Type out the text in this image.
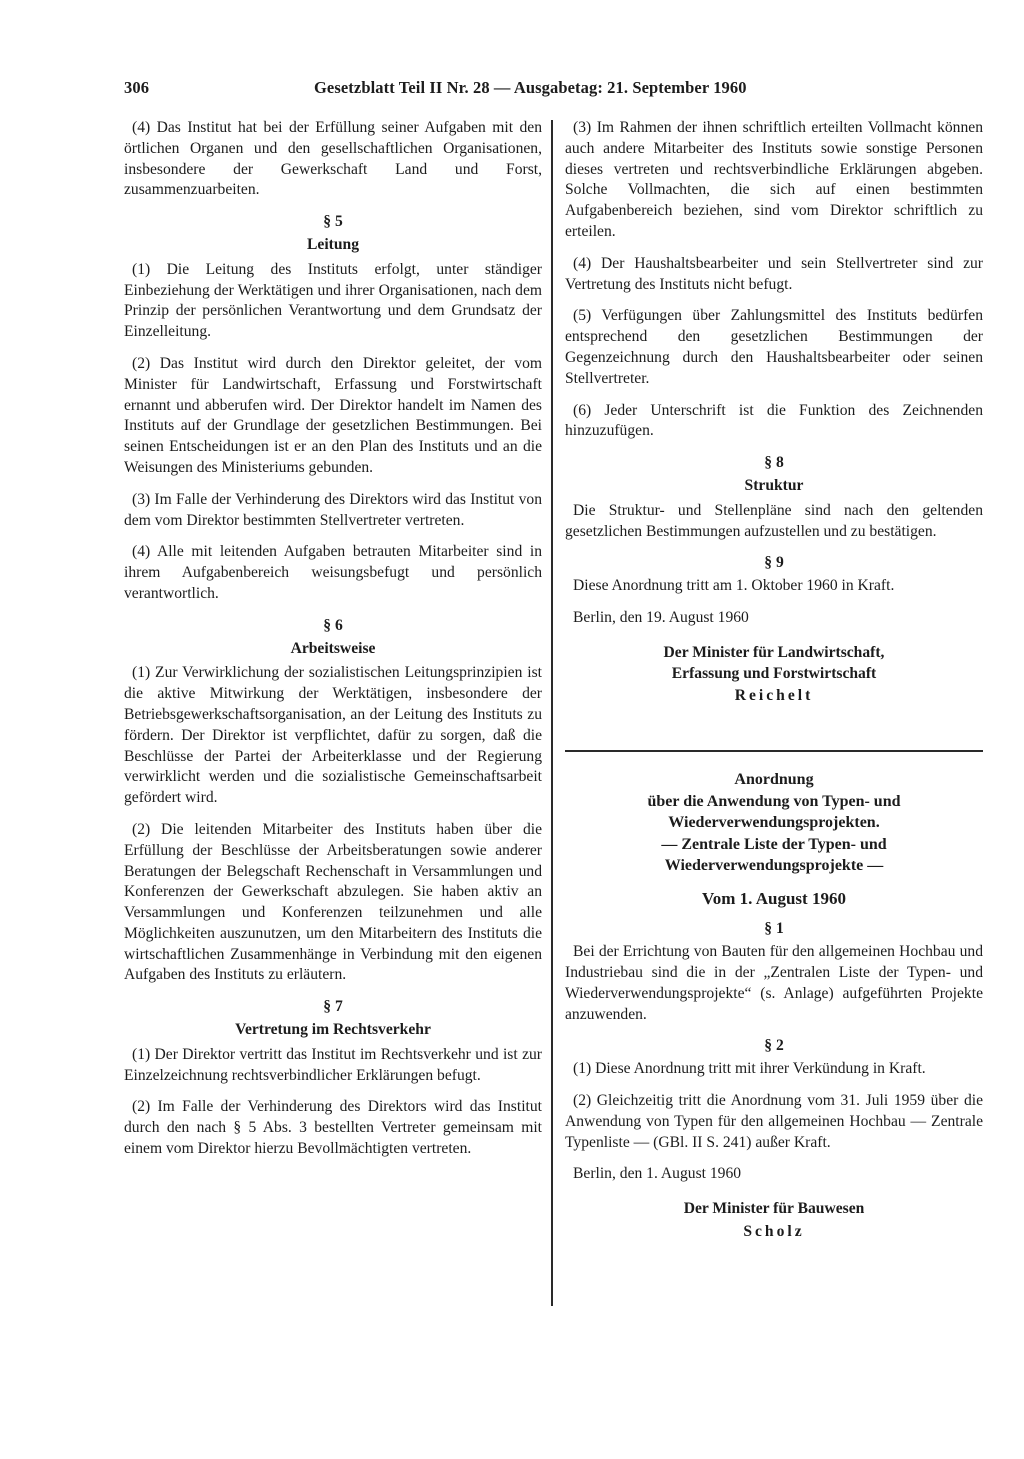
306	Gesetzblatt Teil II Nr. 28 — Ausgabetag: 21. September 1960

(4) Das Institut hat bei der Erfüllung seiner Aufgaben mit den örtlichen Organen und den gesellschaftlichen Organisationen, insbesondere der Gewerkschaft Land und Forst, zusammenzuarbeiten.

§ 5

Leitung

(1) Die Leitung des Instituts erfolgt, unter ständiger Einbeziehung der Werktätigen und ihrer Organisationen, nach dem Prinzip der persönlichen Verantwortung und dem Grundsatz der Einzelleitung.

(2) Das Institut wird durch den Direktor geleitet, der vom Minister für Landwirtschaft, Erfassung und Forstwirtschaft ernannt und abberufen wird. Der Direktor handelt im Namen des Instituts auf der Grundlage der gesetzlichen Bestimmungen. Bei seinen Entscheidungen ist er an den Plan des Instituts und an die Weisungen des Ministeriums gebunden.

(3) Im Falle der Verhinderung des Direktors wird das Institut von dem vom Direktor bestimmten Stellvertreter vertreten.

(4) Alle mit leitenden Aufgaben betrauten Mitarbeiter sind in ihrem Aufgabenbereich weisungsbefugt und persönlich verantwortlich.

§ 6

Arbeitsweise

(1) Zur Verwirklichung der sozialistischen Leitungsprinzipien ist die aktive Mitwirkung der Werktätigen, insbesondere der Betriebsgewerkschaftsorganisation, an der Leitung des Instituts zu fördern. Der Direktor ist verpflichtet, dafür zu sorgen, daß die Beschlüsse der Partei der Arbeiterklasse und der Regierung verwirklicht werden und die sozialistische Gemeinschaftsarbeit gefördert wird.

(2) Die leitenden Mitarbeiter des Instituts haben über die Erfüllung der Beschlüsse der Arbeitsberatungen sowie anderer Beratungen der Belegschaft Rechenschaft in Versammlungen und Konferenzen der Gewerkschaft abzulegen. Sie haben aktiv an Versammlungen und Konferenzen teilzunehmen und alle Möglichkeiten auszunutzen, um den Mitarbeitern des Instituts die wirtschaftlichen Zusammenhänge in Verbindung mit den eigenen Aufgaben des Instituts zu erläutern.

§ 7

Vertretung im Rechtsverkehr

(1) Der Direktor vertritt das Institut im Rechtsverkehr und ist zur Einzelzeichnung rechtsverbindlicher Erklärungen befugt.

(2) Im Falle der Verhinderung des Direktors wird das Institut durch den nach § 5 Abs. 3 bestellten Vertreter gemeinsam mit einem vom Direktor hierzu Bevollmächtigten vertreten.

(3) Im Rahmen der ihnen schriftlich erteilten Vollmacht können auch andere Mitarbeiter des Instituts sowie sonstige Personen dieses vertreten und rechtsverbindliche Erklärungen abgeben. Solche Vollmachten, die sich auf einen bestimmten Aufgabenbereich beziehen, sind vom Direktor schriftlich zu erteilen.

(4) Der Haushaltsbearbeiter und sein Stellvertreter sind zur Vertretung des Instituts nicht befugt.

(5) Verfügungen über Zahlungsmittel des Instituts bedürfen entsprechend den gesetzlichen Bestimmungen der Gegenzeichnung durch den Haushaltsbearbeiter oder seinen Stellvertreter.

(6) Jeder Unterschrift ist die Funktion des Zeichnenden hinzuzufügen.

§ 8

Struktur

Die Struktur- und Stellenpläne sind nach den geltenden gesetzlichen Bestimmungen aufzustellen und zu bestätigen.

§ 9

Diese Anordnung tritt am 1. Oktober 1960 in Kraft.

Berlin, den 19. August 1960

Der Minister für Landwirtschaft,

Erfassung und Forstwirtschaft

Reichelt

Anordnung

über die Anwendung von Typen- und Wiederverwendungsprojekten.

— Zentrale Liste der Typen- und Wiederverwendungsprojekte —

Vom 1. August 1960

§ 1

Bei der Errichtung von Bauten für den allgemeinen Hochbau und Industriebau sind die in der „Zentralen Liste der Typen- und Wiederverwendungsprojekte“ (s. Anlage) aufgeführten Projekte anzuwenden.

§ 2

(1) Diese Anordnung tritt mit ihrer Verkündung in Kraft.

(2) Gleichzeitig tritt die Anordnung vom 31. Juli 1959 über die Anwendung von Typen für den allgemeinen Hochbau — Zentrale Typenliste — (GBl. II S. 241) außer Kraft.

Berlin, den 1. August 1960

Der Minister für Bauwesen

Scholz
